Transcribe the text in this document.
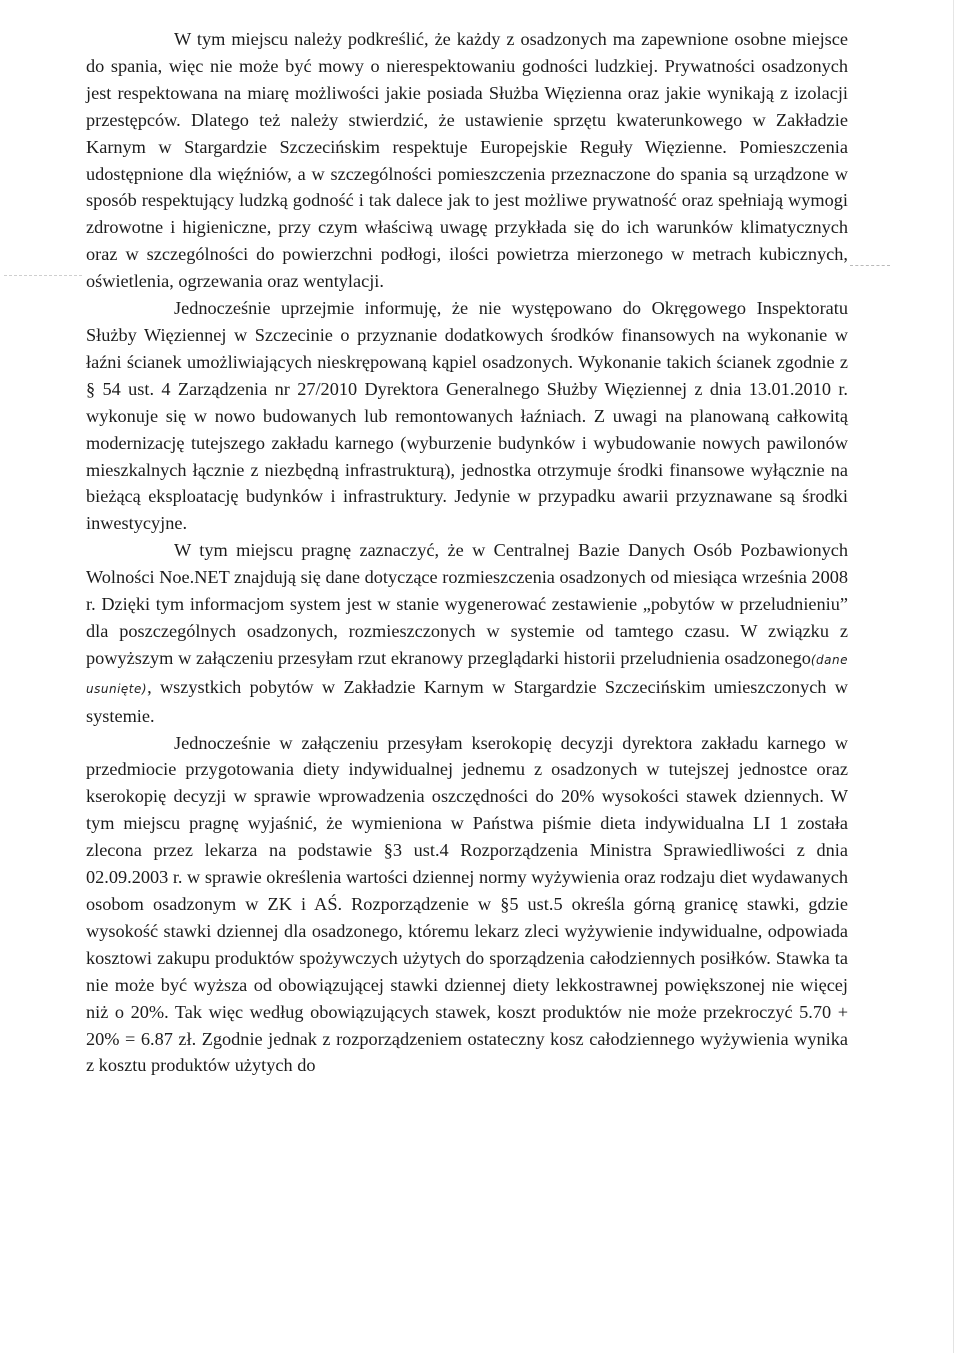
W tym miejscu należy podkreślić, że każdy z osadzonych ma zapewnione osobne miejsce do spania, więc nie może być mowy o nierespektowaniu godności ludzkiej. Prywatności osadzonych jest respektowana na miarę możliwości jakie posiada Służba Więzienna oraz jakie wynikają z izolacji przestępców. Dlatego też należy stwierdzić, że ustawienie sprzętu kwaterunkowego w Zakładzie Karnym w Stargardzie Szczecińskim respektuje Europejskie Reguły Więzienne. Pomieszczenia udostępnione dla więźniów, a w szczególności pomieszczenia przeznaczone do spania są urządzone w sposób respektujący ludzką godność i tak dalece jak to jest możliwe prywatność oraz spełniają wymogi zdrowotne i higieniczne, przy czym właściwą uwagę przykłada się do ich warunków klimatycznych oraz w szczególności do powierzchni podłogi, ilości powietrza mierzonego w metrach kubicznych, oświetlenia, ogrzewania oraz wentylacji.

Jednocześnie uprzejmie informuję, że nie występowano do Okręgowego Inspektoratu Służby Więziennej w Szczecinie o przyznanie dodatkowych środków finansowych na wykonanie w łaźni ścianek umożliwiających nieskrępowaną kąpiel osadzonych. Wykonanie takich ścianek zgodnie z § 54 ust. 4 Zarządzenia nr 27/2010 Dyrektora Generalnego Służby Więziennej z dnia 13.01.2010 r. wykonuje się w nowo budowanych lub remontowanych łaźniach. Z uwagi na planowaną całkowitą modernizację tutejszego zakładu karnego (wyburzenie budynków i wybudowanie nowych pawilonów mieszkalnych łącznie z niezbędną infrastrukturą), jednostka otrzymuje środki finansowe wyłącznie na bieżącą eksploatację budynków i infrastruktury. Jedynie w przypadku awarii przyznawane są środki inwestycyjne.

W tym miejscu pragnę zaznaczyć, że w Centralnej Bazie Danych Osób Pozbawionych Wolności Noe.NET znajdują się dane dotyczące rozmieszczenia osadzonych od miesiąca września 2008 r. Dzięki tym informacjom system jest w stanie wygenerować zestawienie „pobytów w przeludnieniu” dla poszczególnych osadzonych, rozmieszczonych w systemie od tamtego czasu. W związku z powyższym w załączeniu przesyłam rzut ekranowy przeglądarki historii przeludnienia osadzonego(dane usunięte), wszystkich pobytów w Zakładzie Karnym w Stargardzie Szczecińskim umieszczonych w systemie.

Jednocześnie w załączeniu przesyłam kserokopię decyzji dyrektora zakładu karnego w przedmiocie przygotowania diety indywidualnej jednemu z osadzonych w tutejszej jednostce oraz kserokopię decyzji w sprawie wprowadzenia oszczędności do 20% wysokości stawek dziennych. W tym miejscu pragnę wyjaśnić, że wymieniona w Państwa piśmie dieta indywidualna LI 1 została zlecona przez lekarza na podstawie §3 ust.4 Rozporządzenia Ministra Sprawiedliwości z dnia 02.09.2003 r. w sprawie określenia wartości dziennej normy wyżywienia oraz rodzaju diet wydawanych osobom osadzonym w ZK i AŚ. Rozporządzenie w §5 ust.5 określa górną granicę stawki, gdzie wysokość stawki dziennej dla osadzonego, któremu lekarz zleci wyżywienie indywidualne, odpowiada kosztowi zakupu produktów spożywczych użytych do sporządzenia całodziennych posiłków. Stawka ta nie może być wyższa od obowiązującej stawki dziennej diety lekkostrawnej powiększonej nie więcej niż o 20%. Tak więc według obowiązujących stawek, koszt produktów nie może przekroczyć 5.70 + 20% = 6.87 zł. Zgodnie jednak z rozporządzeniem ostateczny kosz całodziennego wyżywienia wynika z kosztu produktów użytych do
